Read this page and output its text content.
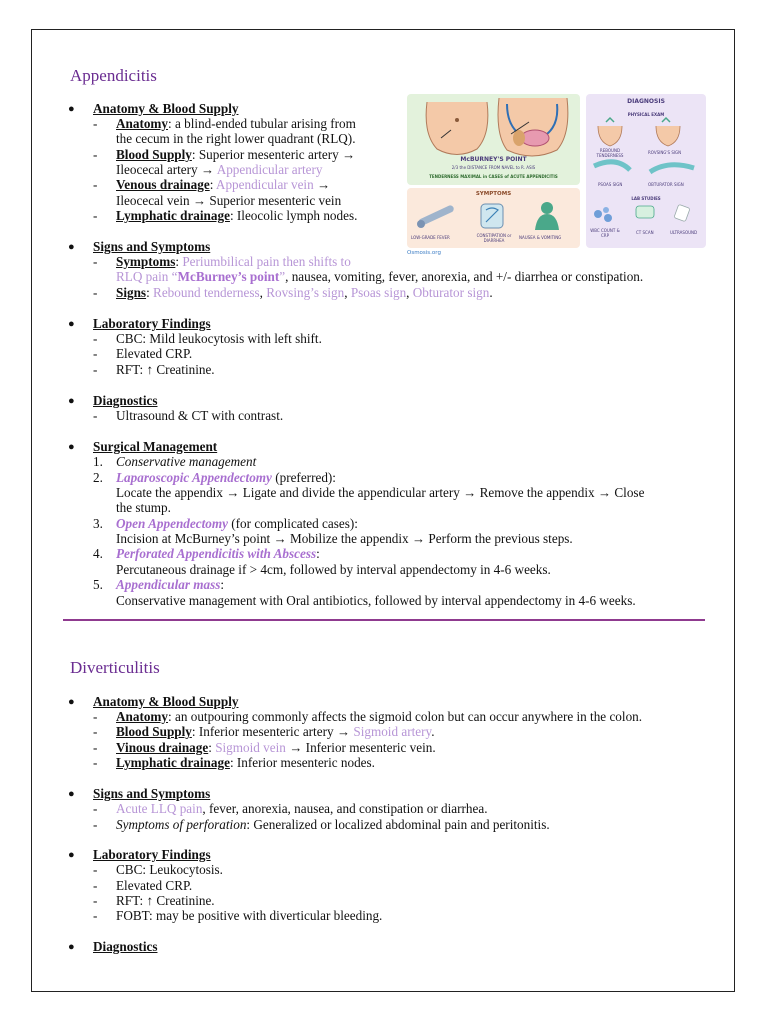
Appendicitis
● Anatomy & Blood Supply
- Anatomy: a blind-ended tubular arising from
the cecum in the right lower quadrant (RLQ).
- Blood Supply: Superior mesenteric artery →
Ileocecal artery → Appendicular artery
- Venous drainage: Appendicular vein →
Ileocecal vein → Superior mesenteric vein
- Lymphatic drainage: Ileocolic lymph nodes.
● Signs and Symptoms
- Symptoms: Periumbilical pain then shifts to
RLQ pain “McBurney’s point”, nausea, vomiting, fever, anorexia, and +/- diarrhea or constipation.
- Signs: Rebound tenderness, Rovsing’s sign, Psoas sign, Obturator sign.
● Laboratory Findings
- CBC: Mild leukocytosis with left shift.
- Elevated CRP.
- RFT: ↑ Creatinine.
● Diagnostics
- Ultrasound & CT with contrast.
● Surgical Management
1. Conservative management
2. Laparoscopic Appendectomy (preferred):
Locate the appendix → Ligate and divide the appendicular artery → Remove the appendix → Close
the stump.
3. Open Appendectomy (for complicated cases):
Incision at McBurney’s point → Mobilize the appendix → Perform the previous steps.
4. Perforated Appendicitis with Abscess:
Percutaneous drainage if > 4cm, followed by interval appendectomy in 4-6 weeks.
5. Appendicular mass:
Conservative management with Oral antibiotics, followed by interval appendectomy in 4-6 weeks.
McBURNEY'S POINT
2/3 the DISTANCE FROM NAVEL to R. ASIS
TENDERNESS MAXIMAL in CASES of ACUTE APPENDICITIS
SYMPTOMS
LOW-GRADE FEVER	CONSTIPATION or DIARRHEA
NAUSEA & VOMITING
DIAGNOSIS
PHYSICAL EXAM
REBOUND TENDERNESS
ROVSING'S SIGN
PSOAS SIGN	OBTURATOR SIGN
LAB STUDIES
WBC COUNT & CRP
CT SCAN	ULTRASOUND
Osmosis.org
Diverticulitis
● Anatomy & Blood Supply
- Anatomy: an outpouring commonly affects the sigmoid colon but can occur anywhere in the colon.
- Blood Supply: Inferior mesenteric artery → Sigmoid artery.
- Vinous drainage: Sigmoid vein → Inferior mesenteric vein.
- Lymphatic drainage: Inferior mesenteric nodes.
● Signs and Symptoms
- Acute LLQ pain, fever, anorexia, nausea, and constipation or diarrhea.
- Symptoms of perforation: Generalized or localized abdominal pain and peritonitis.
● Laboratory Findings
- CBC: Leukocytosis.
- Elevated CRP.
- RFT: ↑ Creatinine.
- FOBT: may be positive with diverticular bleeding.
● Diagnostics
